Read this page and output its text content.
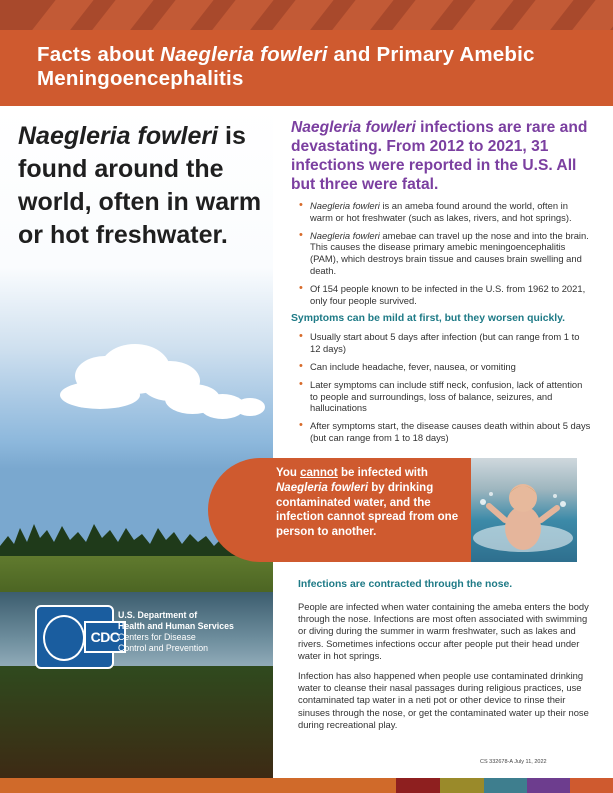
Facts about Naegleria fowleri and Primary Amebic Meningoencephalitis

Naegleria fowleri is found around the world, often in warm or hot freshwater.

CDC
U.S. Department of
Health and Human Services
Centers for Disease
Control and Prevention

Naegleria fowleri infections are rare and devastating. From 2012 to 2021, 31 infections were reported in the U.S. All but three were fatal.

• Naegleria fowleri is an ameba found around the world, often in warm or hot freshwater (such as lakes, rivers, and hot springs).
• Naegleria fowleri amebae can travel up the nose and into the brain. This causes the disease primary amebic meningoencephalitis (PAM), which destroys brain tissue and causes brain swelling and death.
• Of 154 people known to be infected in the U.S. from 1962 to 2021, only four people survived.

Symptoms can be mild at first, but they worsen quickly.

• Usually start about 5 days after infection (but can range from 1 to 12 days)
• Can include headache, fever, nausea, or vomiting
• Later symptoms can include stiff neck, confusion, lack of attention to people and surroundings, loss of balance, seizures, and hallucinations
• After symptoms start, the disease causes death within about 5 days (but can range from 1 to 18 days)

You cannot be infected with Naegleria fowleri by drinking contaminated water, and the infection cannot spread from one person to another.

Infections are contracted through the nose.

People are infected when water containing the ameba enters the body through the nose. Infections are most often associated with swimming or diving during the summer in warm freshwater, such as lakes and rivers. Sometimes infections occur after people put their head under water in hot springs.

Infection has also happened when people use contaminated drinking water to cleanse their nasal passages during religious practices, use contaminated tap water in a neti pot or other device to rinse their sinuses through the nose, or get the contaminated water up their nose during recreational play.

CS 332678-A July 11, 2022
